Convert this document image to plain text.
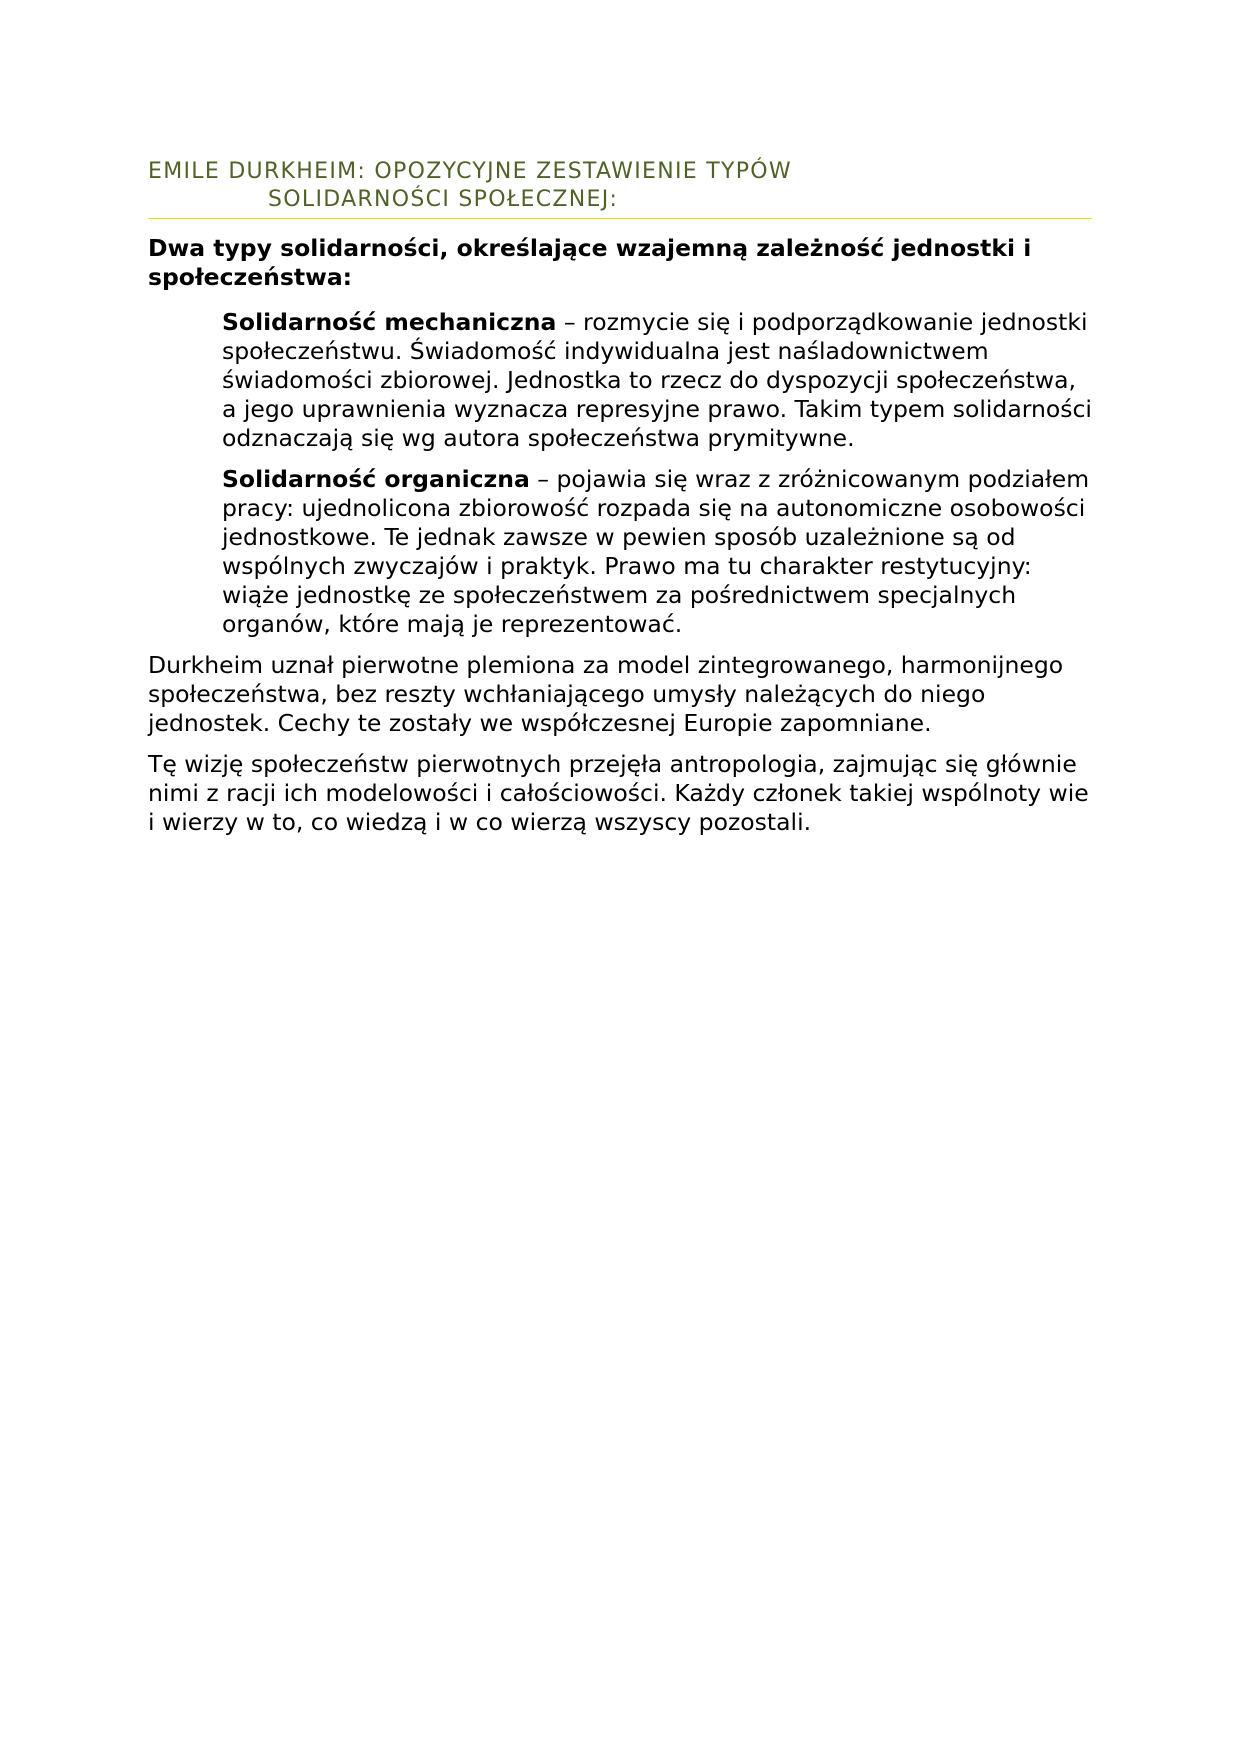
EMILE DURKHEIM: OPOZYCYJNE ZESTAWIENIE TYPÓW
SOLIDARNOŚCI SPOŁECZNEJ:

Dwa typy solidarności, określające wzajemną zależność jednostki i społeczeństwa:

Solidarność mechaniczna – rozmycie się i podporządkowanie jednostki społeczeństwu. Świadomość indywidualna jest naśladownictwem świadomości zbiorowej. Jednostka to rzecz do dyspozycji społeczeństwa, a jego uprawnienia wyznacza represyjne prawo. Takim typem solidarności odznaczają się wg autora społeczeństwa prymitywne.

Solidarność organiczna – pojawia się wraz z zróżnicowanym podziałem pracy: ujednolicona zbiorowość rozpada się na autonomiczne osobowości jednostkowe. Te jednak zawsze w pewien sposób uzależnione są od wspólnych zwyczajów i praktyk. Prawo ma tu charakter restytucyjny: wiąże jednostkę ze społeczeństwem za pośrednictwem specjalnych organów, które mają je reprezentować.

Durkheim uznał pierwotne plemiona za model zintegrowanego, harmonijnego społeczeństwa, bez reszty wchłaniającego umysły należących do niego jednostek. Cechy te zostały we współczesnej Europie zapomniane.

Tę wizję społeczeństw pierwotnych przejęła antropologia, zajmując się głównie nimi z racji ich modelowości i całościowości. Każdy członek takiej wspólnoty wie i wierzy w to, co wiedzą i w co wierzą wszyscy pozostali.
